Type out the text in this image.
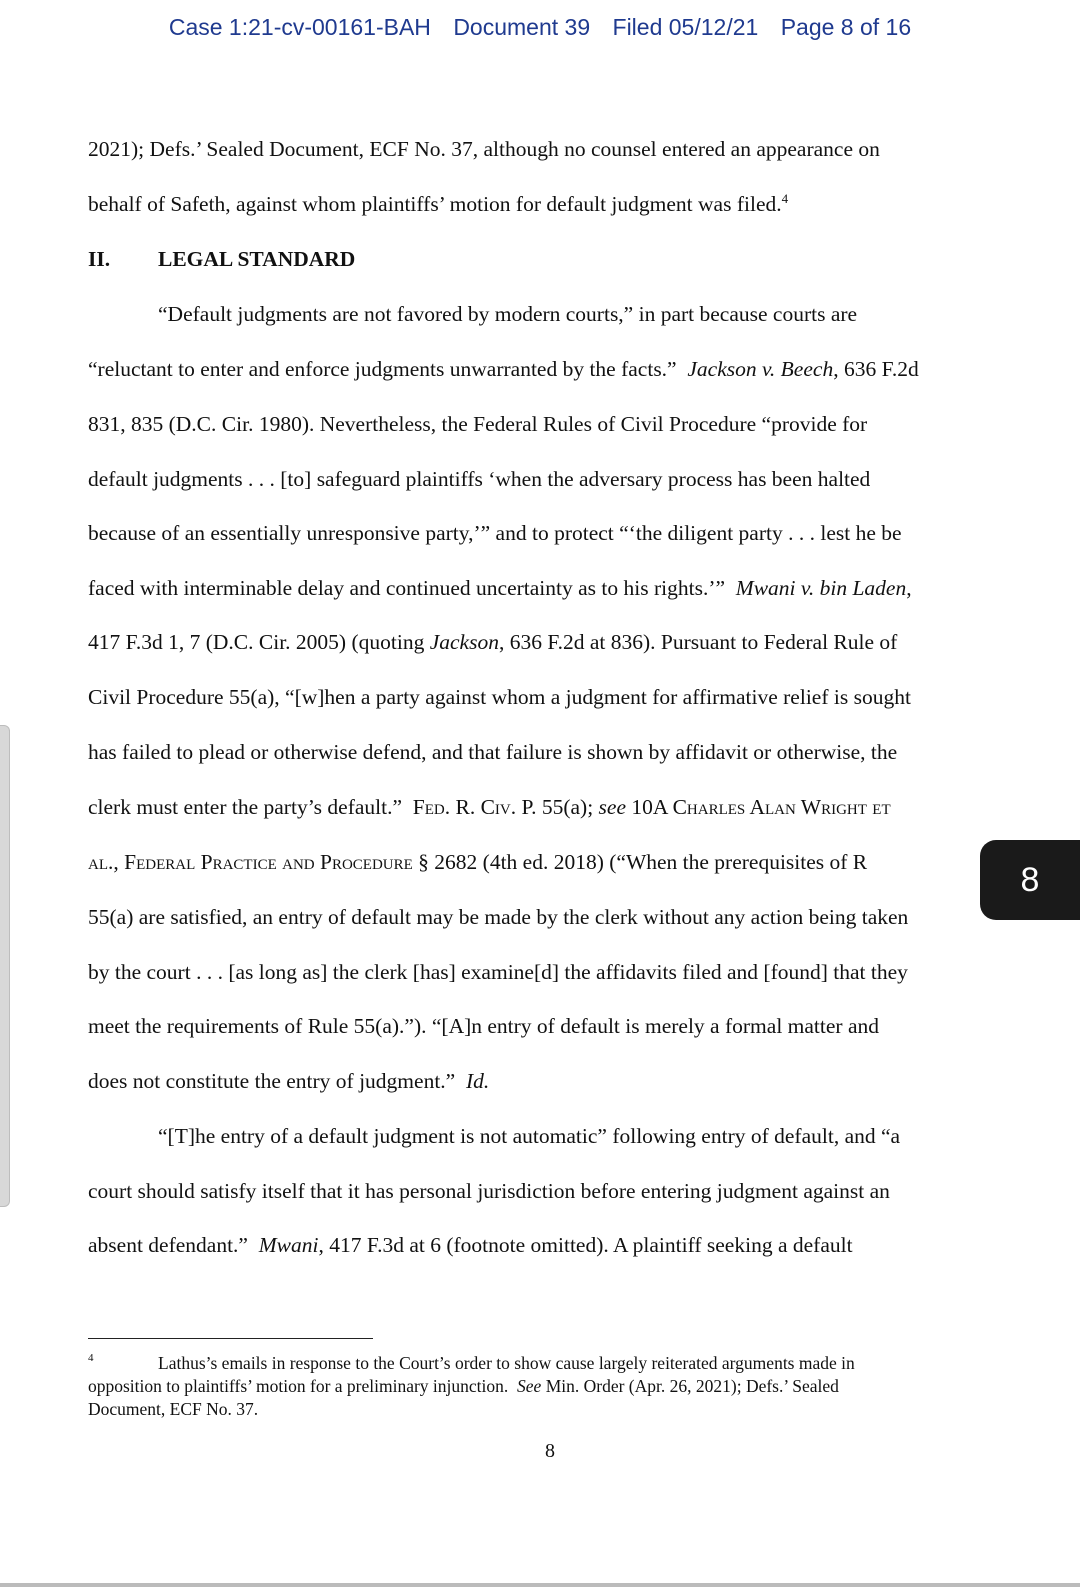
Case 1:21-cv-00161-BAH Document 39 Filed 05/12/21 Page 8 of 16
2021); Defs.’ Sealed Document, ECF No. 37, although no counsel entered an appearance on
behalf of Safeth, against whom plaintiffs’ motion for default judgment was filed.$^4$
II. LEGAL STANDARD
“Default judgments are not favored by modern courts,” in part because courts are
“reluctant to enter and enforce judgments unwarranted by the facts.” Jackson v. Beech, 636 F.2d
831, 835 (D.C. Cir. 1980). Nevertheless, the Federal Rules of Civil Procedure “provide for
default judgments . . . [to] safeguard plaintiffs ‘when the adversary process has been halted
because of an essentially unresponsive party,’” and to protect “‘the diligent party . . . lest he be
faced with interminable delay and continued uncertainty as to his rights.’” Mwani v. bin Laden,
417 F.3d 1, 7 (D.C. Cir. 2005) (quoting Jackson, 636 F.2d at 836). Pursuant to Federal Rule of
Civil Procedure 55(a), “[w]hen a party against whom a judgment for affirmative relief is sought
has failed to plead or otherwise defend, and that failure is shown by affidavit or otherwise, the
clerk must enter the party’s default.” Fed. R. Civ. P. 55(a); see 10A Charles Alan Wright et
al., Federal Practice and Procedure § 2682 (4th ed. 2018) (“When the prerequisites of R
55(a) are satisfied, an entry of default may be made by the clerk without any action being taken
by the court . . . [as long as] the clerk [has] examine[d] the affidavits filed and [found] that they
meet the requirements of Rule 55(a).”). “[A]n entry of default is merely a formal matter and
does not constitute the entry of judgment.” Id.
“[T]he entry of a default judgment is not automatic” following entry of default, and “a
court should satisfy itself that it has personal jurisdiction before entering judgment against an
absent defendant.” Mwani, 417 F.3d at 6 (footnote omitted). A plaintiff seeking a default
4	Lathus’s emails in response to the Court’s order to show cause largely reiterated arguments made in
opposition to plaintiffs’ motion for a preliminary injunction. See Min. Order (Apr. 26, 2021); Defs.’ Sealed
Document, ECF No. 37.
8
8
